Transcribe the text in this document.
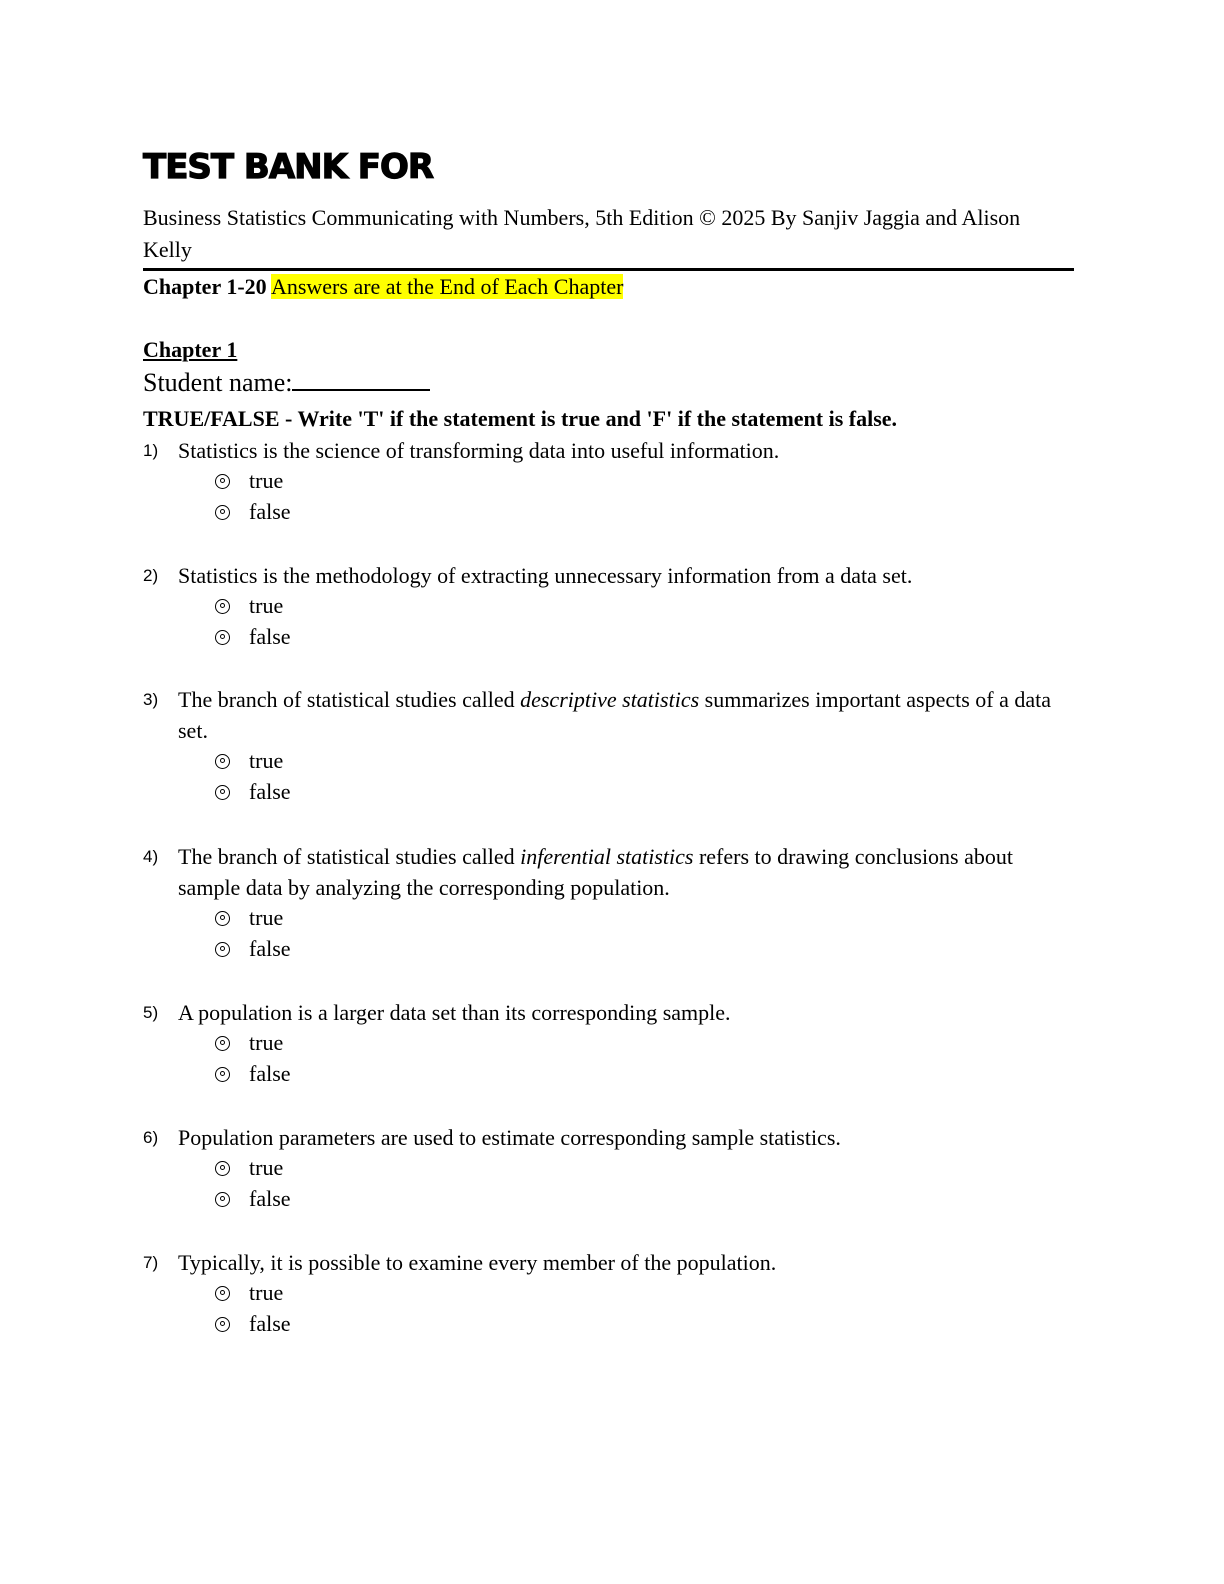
TEST BANK FOR

Business Statistics Communicating with Numbers, 5th Edition © 2025 By Sanjiv Jaggia and Alison Kelly

Chapter 1-20 Answers are at the End of Each Chapter

Chapter 1

Student name:

TRUE/FALSE - Write 'T' if the statement is true and 'F' if the statement is false.

1) Statistics is the science of transforming data into useful information.
true
false
2) Statistics is the methodology of extracting unnecessary information from a data set.
true
false
3) The branch of statistical studies called descriptive statistics summarizes important aspects of a data set.
true
false
4) The branch of statistical studies called inferential statistics refers to drawing conclusions about sample data by analyzing the corresponding population.
true
false
5) A population is a larger data set than its corresponding sample.
true
false
6) Population parameters are used to estimate corresponding sample statistics.
true
false
7) Typically, it is possible to examine every member of the population.
true
false
